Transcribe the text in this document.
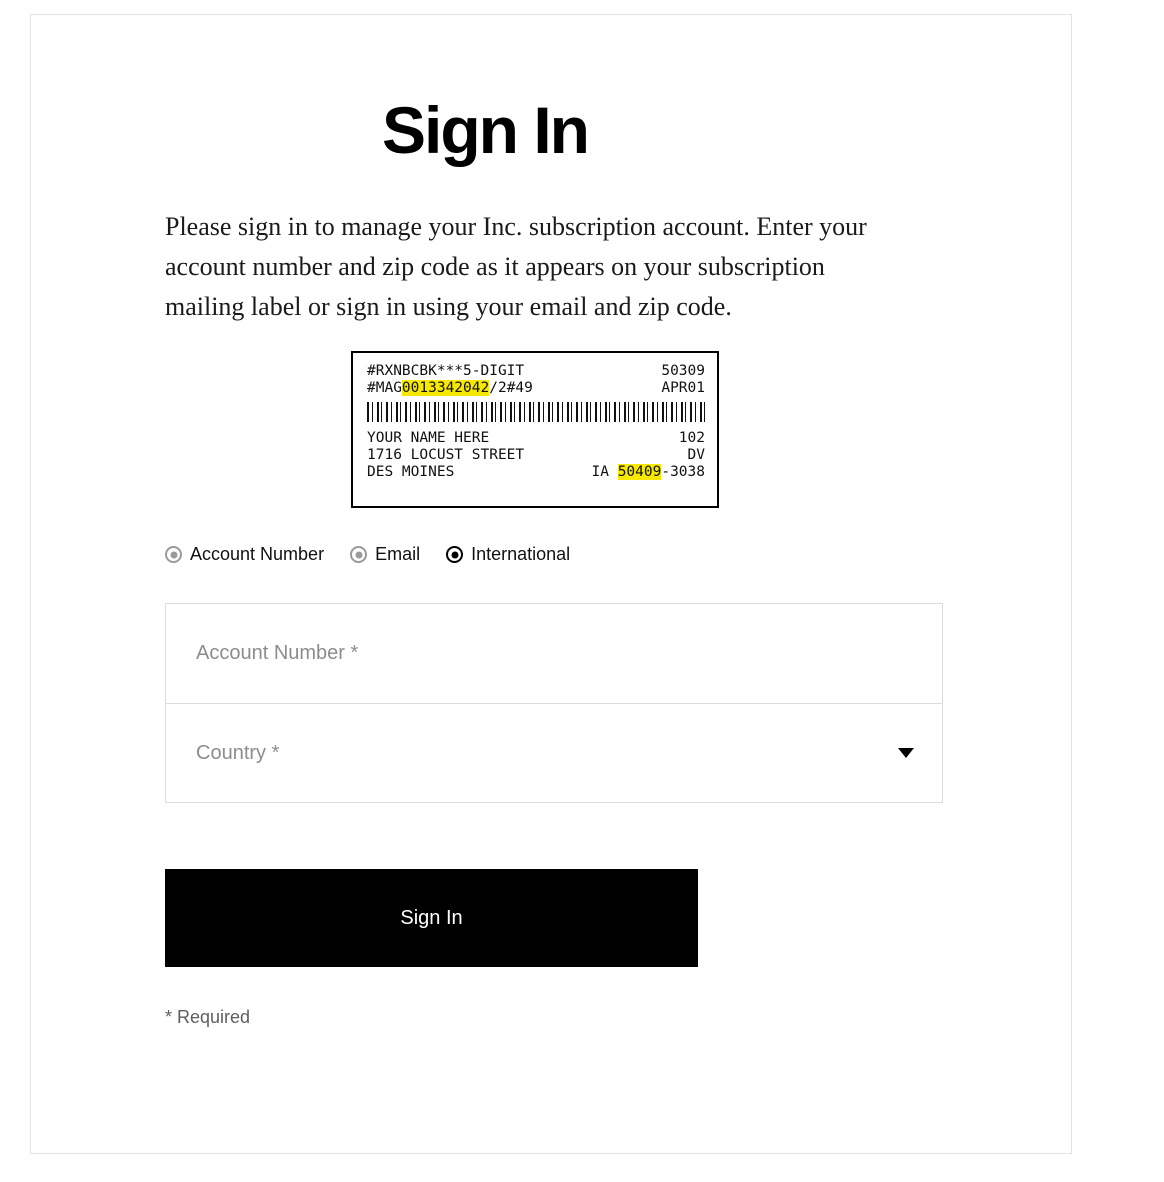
Sign In

Please sign in to manage your Inc. subscription account. Enter your account number and zip code as it appears on your subscription mailing label or sign in using your email and zip code.

#RXNBCBK***5-DIGIT	50309
#MAG0013342042/2#49	APR01
YOUR NAME HERE	102
1716 LOCUST STREET	DV
DES MOINES	IA 50409-3038
Account Number	Email	International
Account Number *
Country *
Sign In
* Required
